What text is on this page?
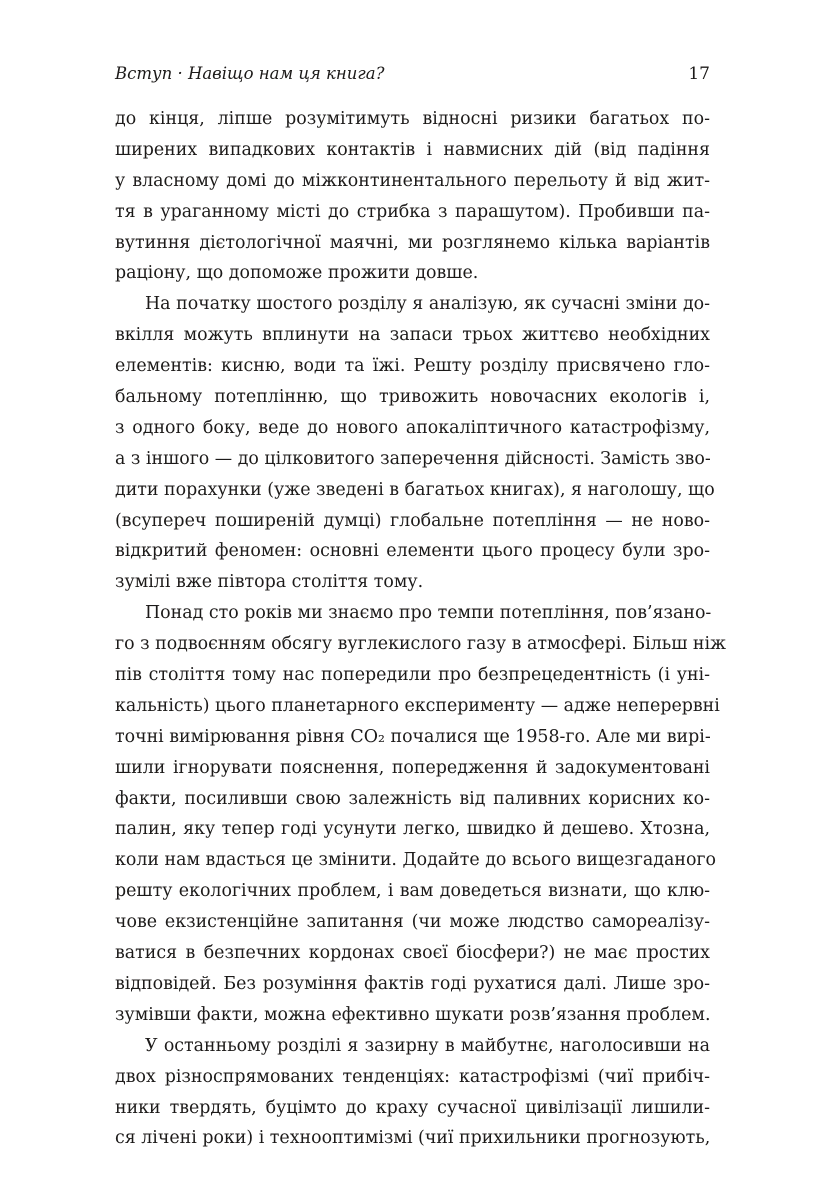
Вступ · Навіщо нам ця книга?	17
до кінця, ліпше розумітимуть відносні ризики багатьох по-
ширених випадкових контактів і навмисних дій (від падіння
у власному домі до міжконтинентального перельоту й від жит-
тя в ураганному місті до стрибка з парашутом). Пробивши па-
вутиння дієтологічної маячні, ми розглянемо кілька варіантів
раціону, що допоможе прожити довше.
На початку шостого розділу я аналізую, як сучасні зміни до-
вкілля можуть вплинути на запаси трьох життєво необхідних
елементів: кисню, води та їжі. Решту розділу присвячено гло-
бальному потеплінню, що тривожить новочасних екологів і,
з одного боку, веде до нового апокаліптичного катастрофізму,
а з іншого — до цілковитого заперечення дійсності. Замість зво-
дити порахунки (уже зведені в багатьох книгах), я наголошу, що
(всупереч поширеній думці) глобальне потепління — не ново-
відкритий феномен: основні елементи цього процесу були зро-
зумілі вже півтора століття тому.
Понад сто років ми знаємо про темпи потепління, пов’язано-
го з подвоєнням обсягу вуглекислого газу в атмосфері. Більш ніж
пів століття тому нас попередили про безпрецедентність (і уні-
кальність) цього планетарного експерименту — адже неперервні
точні вимірювання рівня CO₂ почалися ще 1958-го. Але ми вирі-
шили ігнорувати пояснення, попередження й задокументовані
факти, посиливши свою залежність від паливних корисних ко-
палин, яку тепер годі усунути легко, швидко й дешево. Хтозна,
коли нам вдасться це змінити. Додайте до всього вищезгаданого
решту екологічних проблем, і вам доведеться визнати, що клю-
чове екзистенційне запитання (чи може людство самореалізу-
ватися в безпечних кордонах своєї біосфери?) не має простих
відповідей. Без розуміння фактів годі рухатися далі. Лише зро-
зумівши факти, можна ефективно шукати розв’язання проблем.
У останньому розділі я зазирну в майбутнє, наголосивши на
двох різноспрямованих тенденціях: катастрофізмі (чиї прибіч-
ники твердять, буцімто до краху сучасної цивілізації лишили-
ся лічені роки) і технооптимізмі (чиї прихильники прогнозують,
